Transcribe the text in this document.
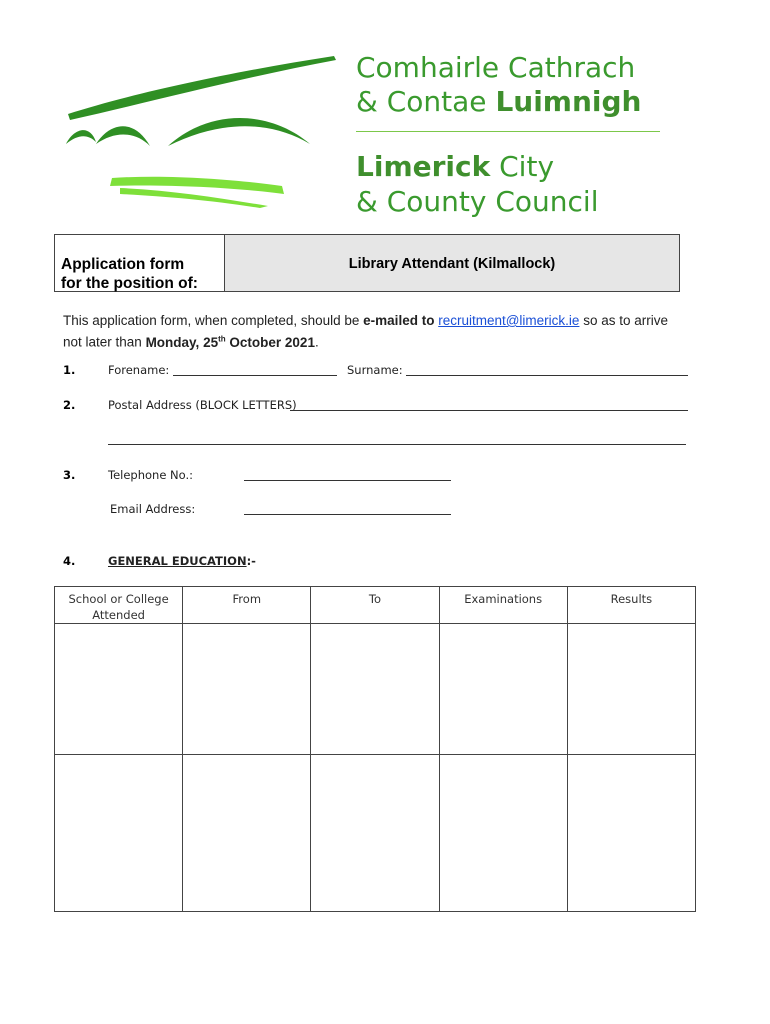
Comhairle Cathrach
& Contae Luimnigh
Limerick City
& County Council
Application form
for the position of:
Library Attendant (Kilmallock)
This application form, when completed, should be e-mailed to recruitment@limerick.ie so as to arrive not later than Monday, 25th October 2021.
1.	Forename:	Surname:
2.	Postal Address (BLOCK LETTERS)
3.	Telephone No.:
Email Address:
4.	GENERAL EDUCATION:-
School or College Attended	From	To	Examinations	Results
